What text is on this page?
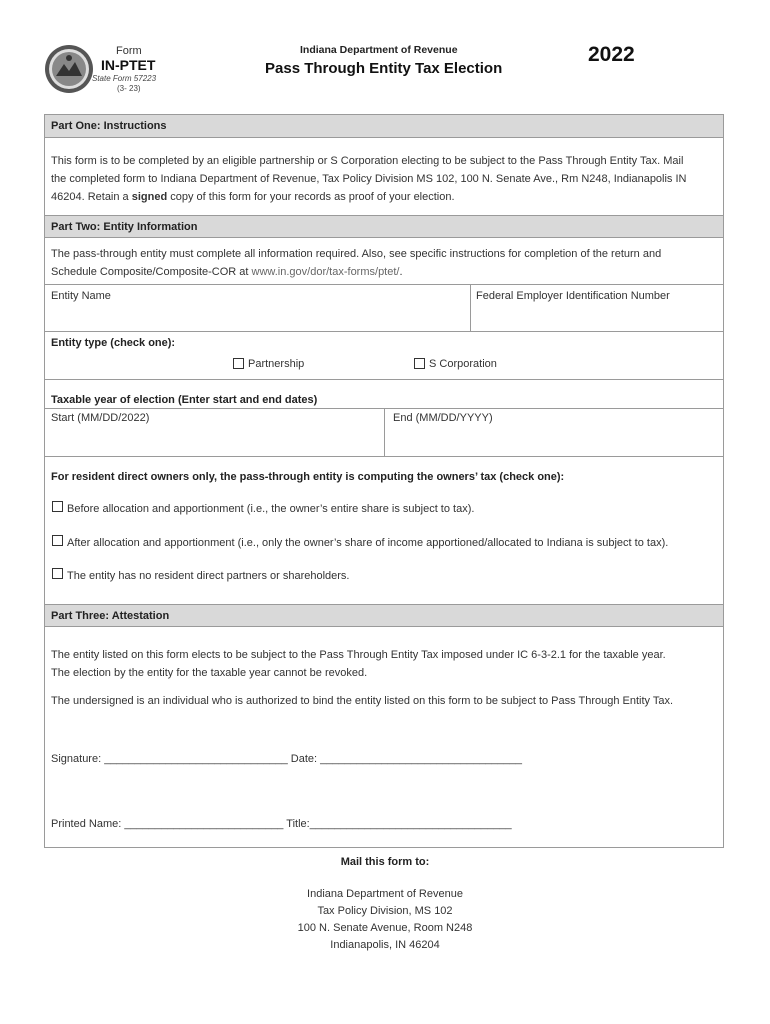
Form
IN-PTET
State Form 57223
(3- 23)
Indiana Department of Revenue
Pass Through Entity Tax Election
2022
Part One: Instructions
This form is to be completed by an eligible partnership or S Corporation electing to be subject to the Pass Through Entity Tax. Mail
the completed form to Indiana Department of Revenue, Tax Policy Division MS 102, 100 N. Senate Ave., Rm N248, Indianapolis IN
46204. Retain a signed copy of this form for your records as proof of your election.
Part Two: Entity Information
The pass-through entity must complete all information required. Also, see specific instructions for completion of the return and
Schedule Composite/Composite-COR at www.in.gov/dor/tax-forms/ptet/.
Entity Name	Federal Employer Identification Number
Entity type (check one):
Partnership	S Corporation
Taxable year of election (Enter start and end dates)
Start (MM/DD/2022)	End (MM/DD/YYYY)
For resident direct owners only, the pass-through entity is computing the owners’ tax (check one):
Before allocation and apportionment (i.e., the owner’s entire share is subject to tax).
After allocation and apportionment (i.e., only the owner’s share of income apportioned/allocated to Indiana is subject to tax).
The entity has no resident direct partners or shareholders.
Part Three: Attestation
The entity listed on this form elects to be subject to the Pass Through Entity Tax imposed under IC 6-3-2.1 for the taxable year.
The election by the entity for the taxable year cannot be revoked.
The undersigned is an individual who is authorized to bind the entity listed on this form to be subject to Pass Through Entity Tax.
Signature: ______________________________ Date: _________________________________
Printed Name: __________________________ Title:_________________________________
Mail this form to:
Indiana Department of Revenue
Tax Policy Division, MS 102
100 N. Senate Avenue, Room N248
Indianapolis, IN 46204
